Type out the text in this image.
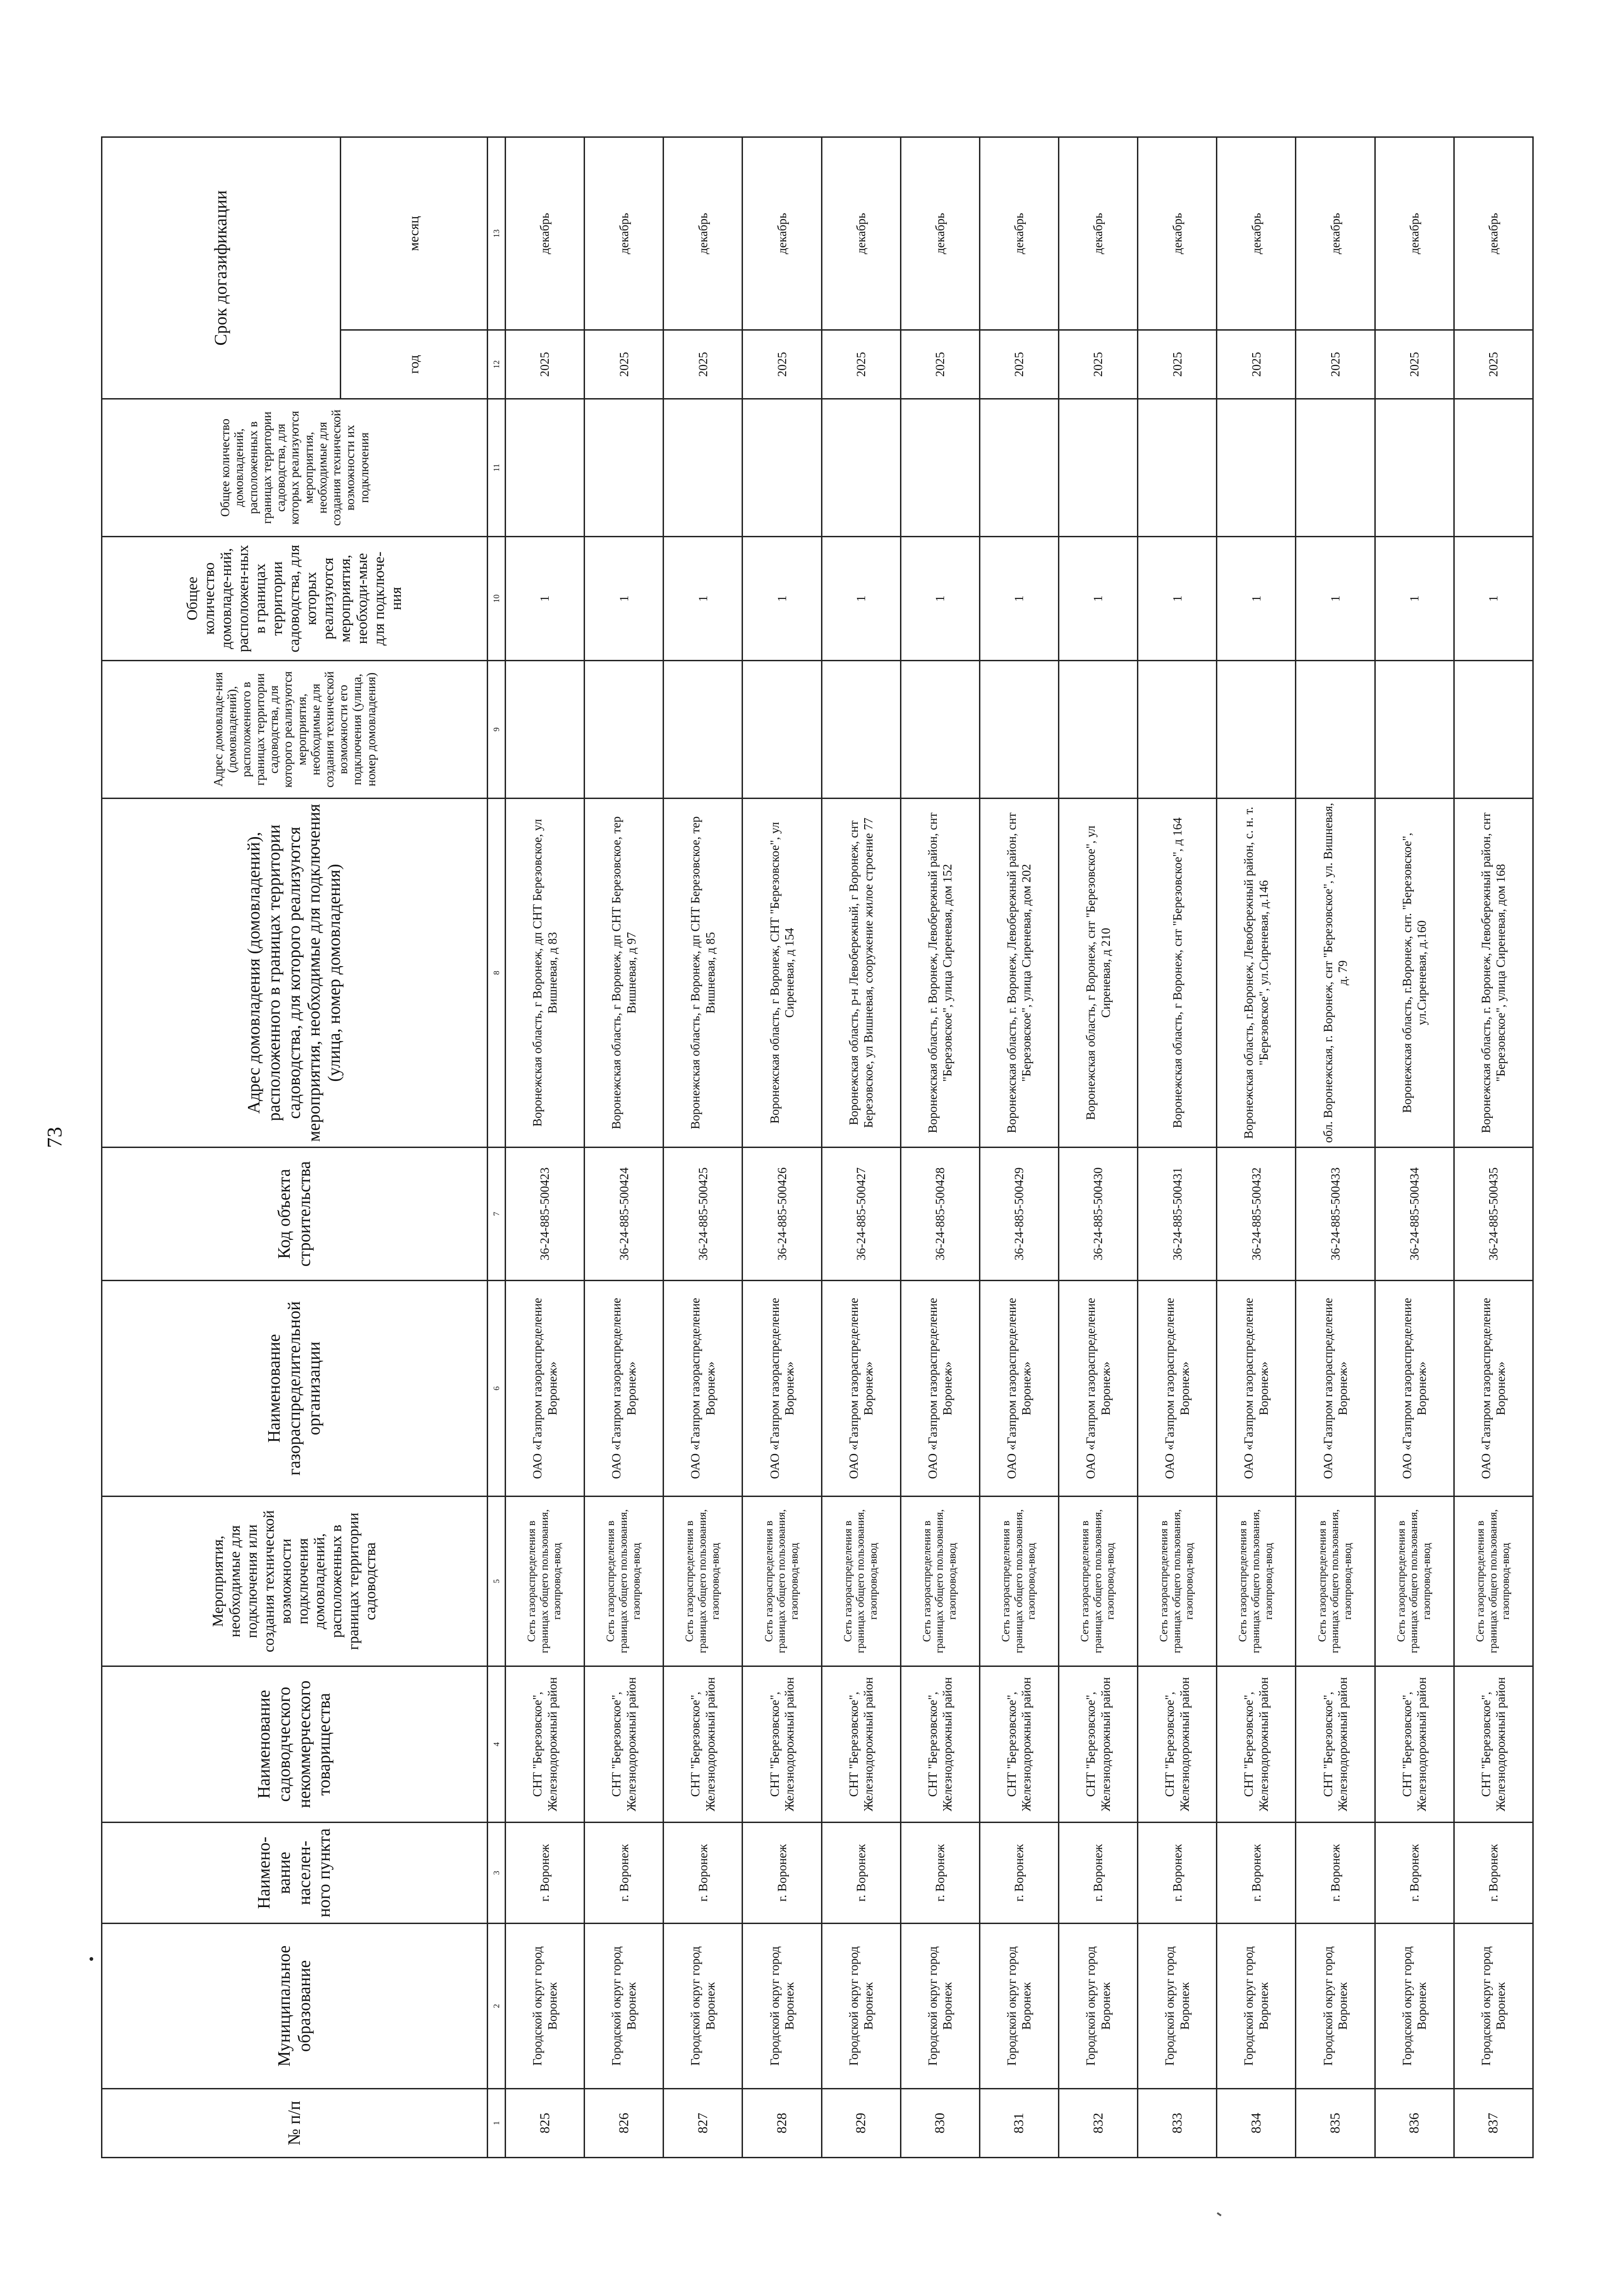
73
№ п/п	Муниципальное образование	Наимено-вание населен-ного пункта	Наименование садоводческого некоммерческого товарищества	Мероприятия, необходимые для подключения или создания технической возможности подключения домовладений, расположенных в границах территории садоводства	Наименование газораспределительной организации	Код объекта строительства	Адрес домовладения (домовладений), расположенного в границах территории садоводства, для которого реализуются мероприятия, необходимые для подключения (улица, номер домовладения)	Адрес домовладе-ния (домовладений), расположенного в границах территории садоводства, для которого реализуются мероприятия, необходимые для создания технической возможности его подключения (улица, номер домовладения)	Общее количество домовладе-ний, расположен-ных в границах территории садоводства, для которых реализуются мероприятия, необходи-мые для подключе-ния	Общее количество домовладений, расположенных в границах территории садоводства, для которых реализуются мероприятия, необходимые для создания технической возможности их подключения	Срок догазификации	
											год	месяц
1	2	3	4	5	6	7	8	9	10	11	12	13
825	Городской округ город Воронеж	г. Воронеж	СНТ "Березовское", Железнодорожный район	Сеть газораспределения в границах общего пользования, газопровод-ввод	ОАО «Газпром газораспределение Воронеж»	36-24-885-500423	Воронежская область, г Воронеж, дп СНТ Березовское, ул Вишневая, д 83		1		2025	декабрь
826	Городской округ город Воронеж	г. Воронеж	СНТ "Березовское", Железнодорожный район	Сеть газораспределения в границах общего пользования, газопровод-ввод	ОАО «Газпром газораспределение Воронеж»	36-24-885-500424	Воронежская область, г Воронеж, дп СНТ Березовское, тер Вишневая, д 97		1		2025	декабрь
827	Городской округ город Воронеж	г. Воронеж	СНТ "Березовское", Железнодорожный район	Сеть газораспределения в границах общего пользования, газопровод-ввод	ОАО «Газпром газораспределение Воронеж»	36-24-885-500425	Воронежская область, г Воронеж, дп СНТ Березовское, тер Вишневая, д 85		1		2025	декабрь
828	Городской округ город Воронеж	г. Воронеж	СНТ "Березовское", Железнодорожный район	Сеть газораспределения в границах общего пользования, газопровод-ввод	ОАО «Газпром газораспределение Воронеж»	36-24-885-500426	Воронежская область, г Воронеж, СНТ "Березовское", ул Сиреневая, д 154		1		2025	декабрь
829	Городской округ город Воронеж	г. Воронеж	СНТ "Березовское", Железнодорожный район	Сеть газораспределения в границах общего пользования, газопровод-ввод	ОАО «Газпром газораспределение Воронеж»	36-24-885-500427	Воронежская область, р-н Левобережный, г Воронеж, снт Березовское, ул Вишневая, сооружение жилое строение 77		1		2025	декабрь
830	Городской округ город Воронеж	г. Воронеж	СНТ "Березовское", Железнодорожный район	Сеть газораспределения в границах общего пользования, газопровод-ввод	ОАО «Газпром газораспределение Воронеж»	36-24-885-500428	Воронежская область, г. Воронеж, Левобережный район, снт "Березовское", улица Сиреневая, дом 152		1		2025	декабрь
831	Городской округ город Воронеж	г. Воронеж	СНТ "Березовское", Железнодорожный район	Сеть газораспределения в границах общего пользования, газопровод-ввод	ОАО «Газпром газораспределение Воронеж»	36-24-885-500429	Воронежская область, г. Воронеж, Левобережный район, снт "Березовское", улица Сиреневая, дом 202		1		2025	декабрь
832	Городской округ город Воронеж	г. Воронеж	СНТ "Березовское", Железнодорожный район	Сеть газораспределения в границах общего пользования, газопровод-ввод	ОАО «Газпром газораспределение Воронеж»	36-24-885-500430	Воронежская область, г Воронеж, снт "Березовское", ул Сиреневая, д 210		1		2025	декабрь
833	Городской округ город Воронеж	г. Воронеж	СНТ "Березовское", Железнодорожный район	Сеть газораспределения в границах общего пользования, газопровод-ввод	ОАО «Газпром газораспределение Воронеж»	36-24-885-500431	Воронежская область, г Воронеж, снт "Березовское", д 164		1		2025	декабрь
834	Городской округ город Воронеж	г. Воронеж	СНТ "Березовское", Железнодорожный район	Сеть газораспределения в границах общего пользования, газопровод-ввод	ОАО «Газпром газораспределение Воронеж»	36-24-885-500432	Воронежская область, г.Воронеж, Левобережный район, с. н. т. "Березовское", ул.Сиреневая, д.146		1		2025	декабрь
835	Городской округ город Воронеж	г. Воронеж	СНТ "Березовское", Железнодорожный район	Сеть газораспределения в границах общего пользования, газопровод-ввод	ОАО «Газпром газораспределение Воронеж»	36-24-885-500433	обл. Воронежская, г. Воронеж, снт "Березовское", ул. Вишневая, д. 79		1		2025	декабрь
836	Городской округ город Воронеж	г. Воронеж	СНТ "Березовское", Железнодорожный район	Сеть газораспределения в границах общего пользования, газопровод-ввод	ОАО «Газпром газораспределение Воронеж»	36-24-885-500434	Воронежская область, г.Воронеж, снт. "Березовское", ул.Сиреневая, д.160		1		2025	декабрь
837	Городской округ город Воронеж	г. Воронеж	СНТ "Березовское", Железнодорожный район	Сеть газораспределения в границах общего пользования, газопровод-ввод	ОАО «Газпром газораспределение Воронеж»	36-24-885-500435	Воронежская область, г. Воронеж, Левобережный район, снт "Березовское", улица Сиреневая, дом 168		1		2025	декабрь
